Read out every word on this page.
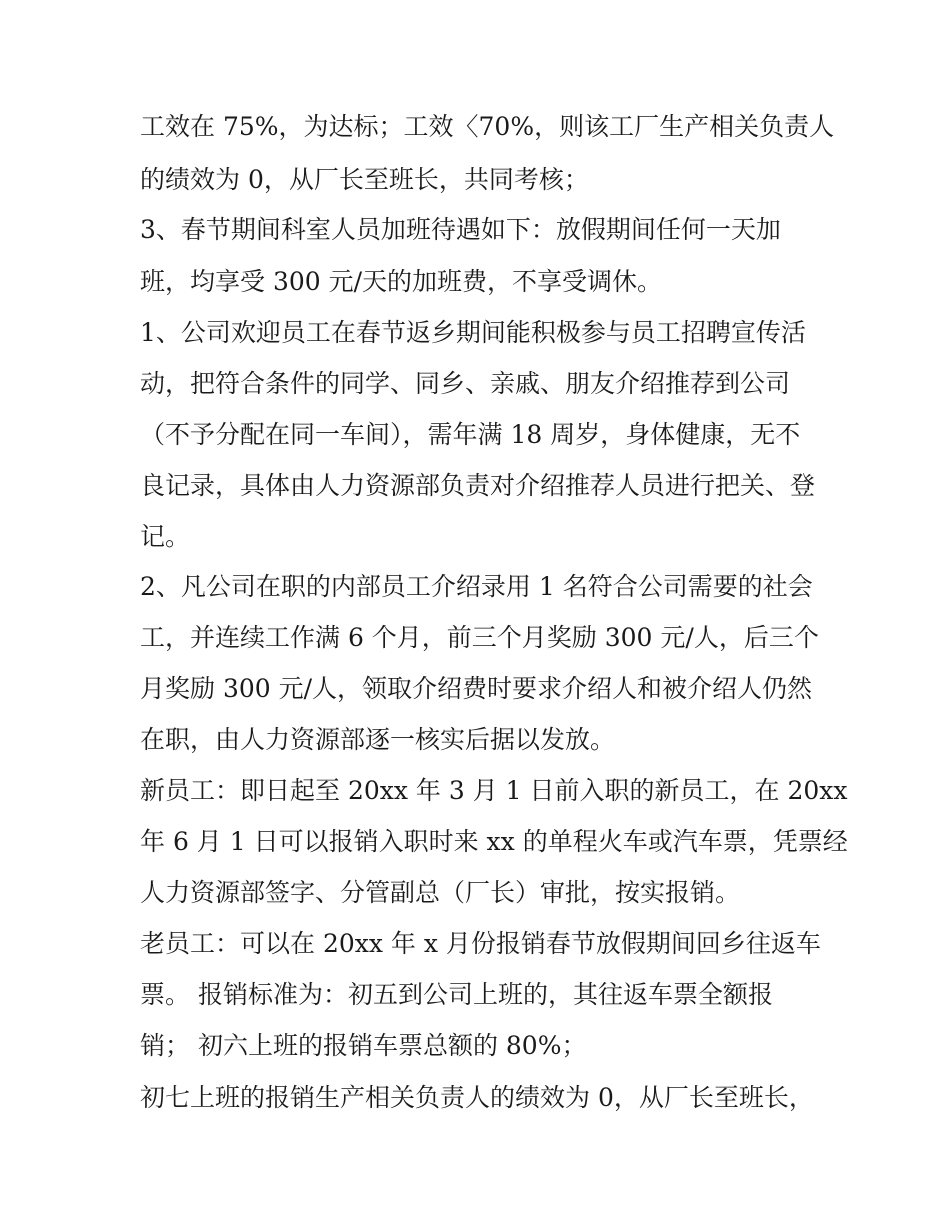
工效在 75%，为达标；工效〈70%，则该工厂生产相关负责人
的绩效为 0，从厂长至班长，共同考核；
3、春节期间科室人员加班待遇如下：放假期间任何一天加
班，均享受 300 元/天的加班费，不享受调休。
1、公司欢迎员工在春节返乡期间能积极参与员工招聘宣传活
动，把符合条件的同学、同乡、亲戚、朋友介绍推荐到公司
（不予分配在同一车间），需年满 18 周岁，身体健康，无不
良记录，具体由人力资源部负责对介绍推荐人员进行把关、登
记。
2、凡公司在职的内部员工介绍录用 1 名符合公司需要的社会
工，并连续工作满 6 个月，前三个月奖励 300 元/人，后三个
月奖励 300 元/人，领取介绍费时要求介绍人和被介绍人仍然
在职，由人力资源部逐一核实后据以发放。
新员工：即日起至 20xx 年 3 月 1 日前入职的新员工，在 20xx
年 6 月 1 日可以报销入职时来 xx 的单程火车或汽车票，凭票经
人力资源部签字、分管副总（厂长）审批，按实报销。
老员工：可以在 20xx 年 x 月份报销春节放假期间回乡往返车
票。 报销标准为：初五到公司上班的，其往返车票全额报
销； 初六上班的报销车票总额的 80%；
初七上班的报销生产相关负责人的绩效为 0，从厂长至班长，
